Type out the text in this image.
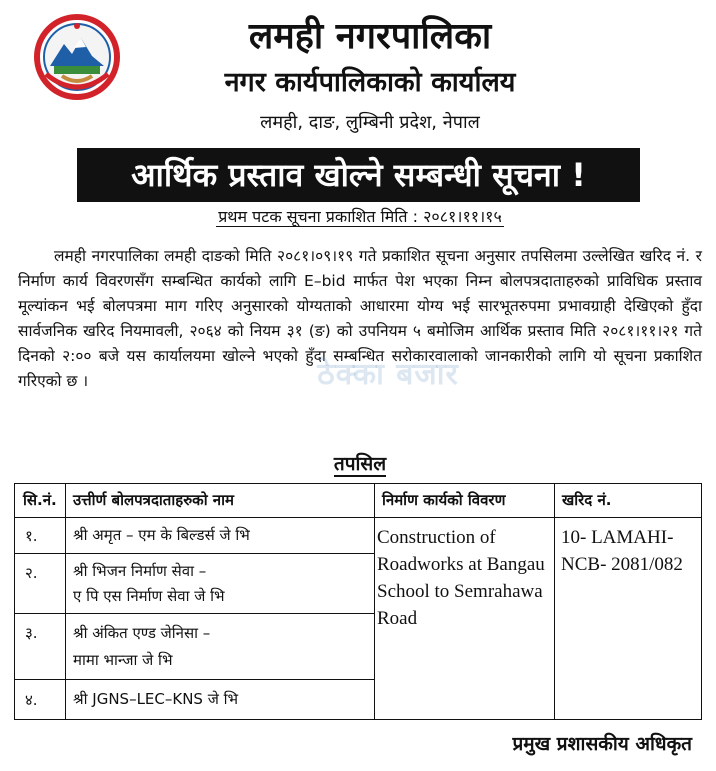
लमही नगरपालिका
नगर कार्यपालिकाको कार्यालय
लमही, दाङ, लुम्बिनी प्रदेश, नेपाल
आर्थिक प्रस्ताव खोल्ने सम्बन्धी सूचना !
प्रथम पटक सूचना प्रकाशित मिति : २०८१।११।१५

लमही नगरपालिका लमही दाङको मिति २०८१।०९।१९ गते प्रकाशित सूचना अनुसार तपसिलमा उल्लेखित खरिद नं. र निर्माण कार्य विवरणसँग सम्बन्धित कार्यको लागि E–bid मार्फत पेश भएका निम्न बोलपत्रदाताहरुको प्राविधिक प्रस्ताव मूल्यांकन भई बोलपत्रमा माग गरिए अनुसारको योग्यताको आधारमा योग्य भई सारभूतरुपमा प्रभावग्राही देखिएको हुँदा सार्वजनिक खरिद नियमावली, २०६४ को नियम ३१ (ङ) को उपनियम ५ बमोजिम आर्थिक प्रस्ताव मिति २०८१।११।२१ गते दिनको २:०० बजे यस कार्यालयमा खोल्ने भएको हुँदा सम्बन्धित सरोकारवालाको जानकारीको लागि यो सूचना प्रकाशित गरिएको छ ।	ठेक्का बजार
तपसिल
सि.नं.	उत्तीर्ण बोलपत्रदाताहरुको नाम	निर्माण कार्यको विवरण	खरिद नं.
१. श्री अमृत – एम के बिल्डर्स जे भि
२. श्री भिजन निर्माण सेवा –
ए पि एस निर्माण सेवा जे भि
३. श्री अंकित एण्ड जेनिसा –
मामा भान्जा जे भि
४. श्री JGNS–LEC–KNS जे भि
Construction of Roadworks at Bangau School to Semrahawa Road
10- LAMAHI-NCB- 2081/082
प्रमुख प्रशासकीय अधिकृत
